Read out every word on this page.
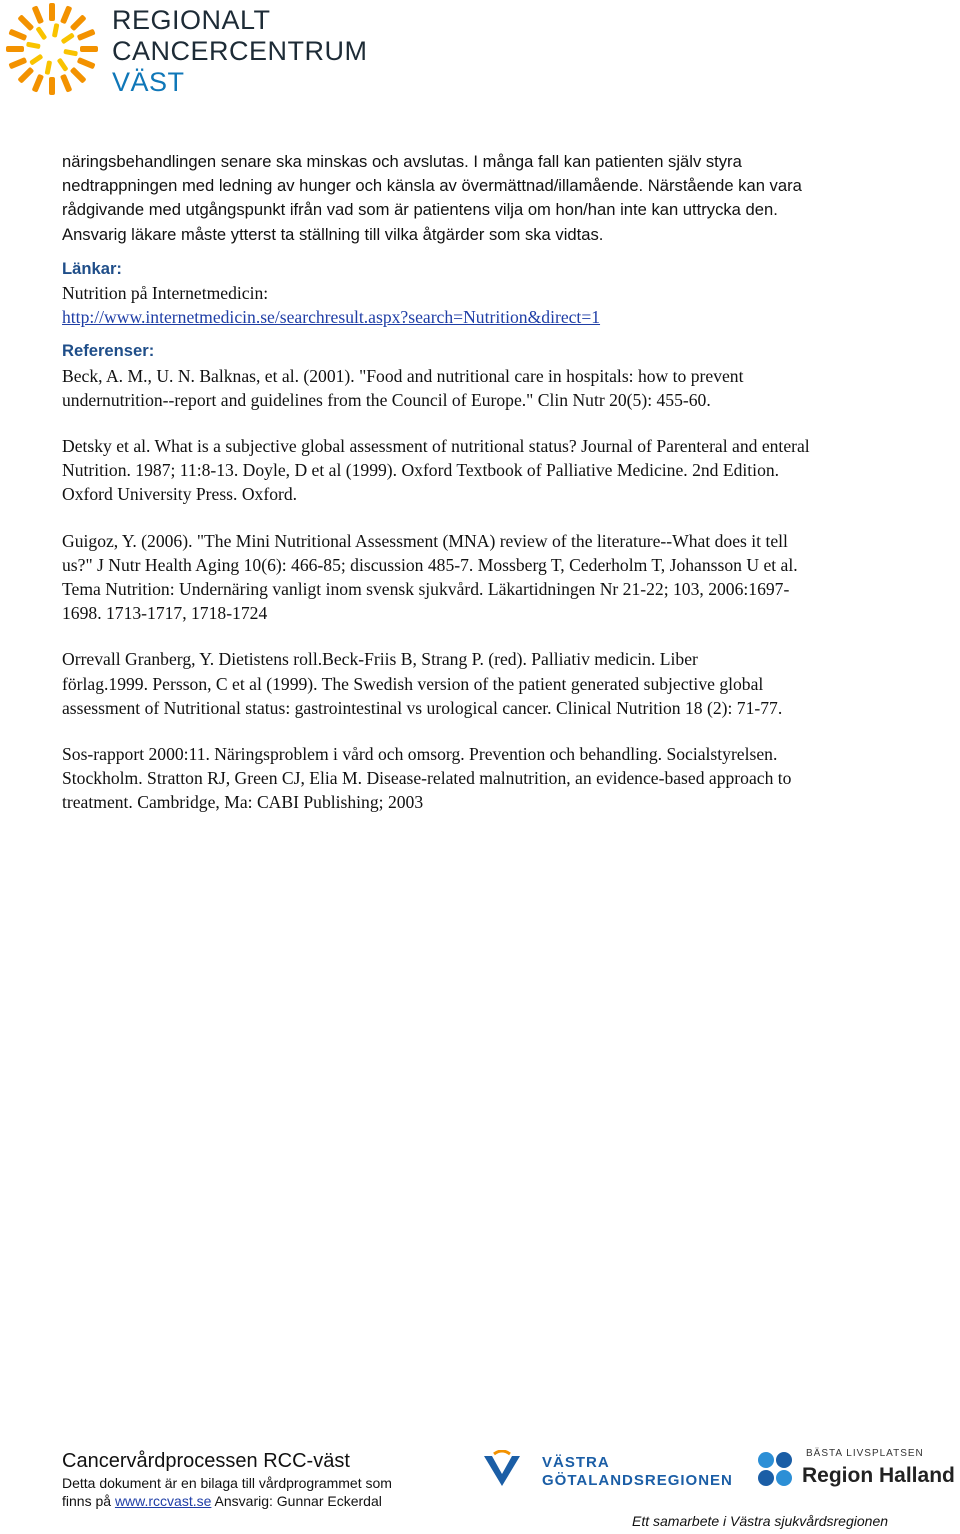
REGIONALT
CANCERCENTRUM
VÄST

näringsbehandlingen senare ska minskas och avslutas. I många fall kan patienten själv styra

nedtrappningen med ledning av hunger och känsla av övermättnad/illamående. Närstående kan vara

rådgivande med utgångspunkt ifrån vad som är patientens vilja om hon/han inte kan uttrycka den.

Ansvarig läkare måste ytterst ta ställning till vilka åtgärder som ska vidtas.

Länkar:

Nutrition på Internetmedicin:

http://www.internetmedicin.se/searchresult.aspx?search=Nutrition&direct=1

Referenser:

Beck, A. M., U. N. Balknas, et al. (2001). "Food and nutritional care in hospitals: how to prevent

undernutrition--report and guidelines from the Council of Europe." Clin Nutr 20(5): 455-60.

Detsky et al. What is a subjective global assessment of nutritional status? Journal of Parenteral and enteral

Nutrition. 1987; 11:8-13. Doyle, D et al (1999). Oxford Textbook of Palliative Medicine. 2nd Edition.

Oxford University Press. Oxford.

Guigoz, Y. (2006). "The Mini Nutritional Assessment (MNA) review of the literature--What does it tell

us?" J Nutr Health Aging 10(6): 466-85; discussion 485-7. Mossberg T, Cederholm T, Johansson U et al.

Tema Nutrition: Undernäring vanligt inom svensk sjukvård. Läkartidningen Nr 21-22; 103, 2006:1697-

1698. 1713-1717, 1718-1724

Orrevall Granberg, Y. Dietistens roll.Beck-Friis B, Strang P. (red). Palliativ medicin. Liber

förlag.1999. Persson, C et al (1999). The Swedish version of the patient generated subjective global

assessment of Nutritional status: gastrointestinal vs urological cancer. Clinical Nutrition 18 (2): 71-77.

Sos-rapport 2000:11. Näringsproblem i vård och omsorg. Prevention och behandling. Socialstyrelsen.

Stockholm. Stratton RJ, Green CJ, Elia M. Disease-related malnutrition, an evidence-based approach to

treatment. Cambridge, Ma: CABI Publishing; 2003

Cancervårdprocessen RCC-väst
Detta dokument är en bilaga till vårdprogrammet som
finns på www.rccvast.se Ansvarig: Gunnar Eckerdal
VÄSTRA
GÖTALANDSREGIONEN
BÄSTA LIVSPLATSEN
Region Halland
Ett samarbete i Västra sjukvårdsregionen
